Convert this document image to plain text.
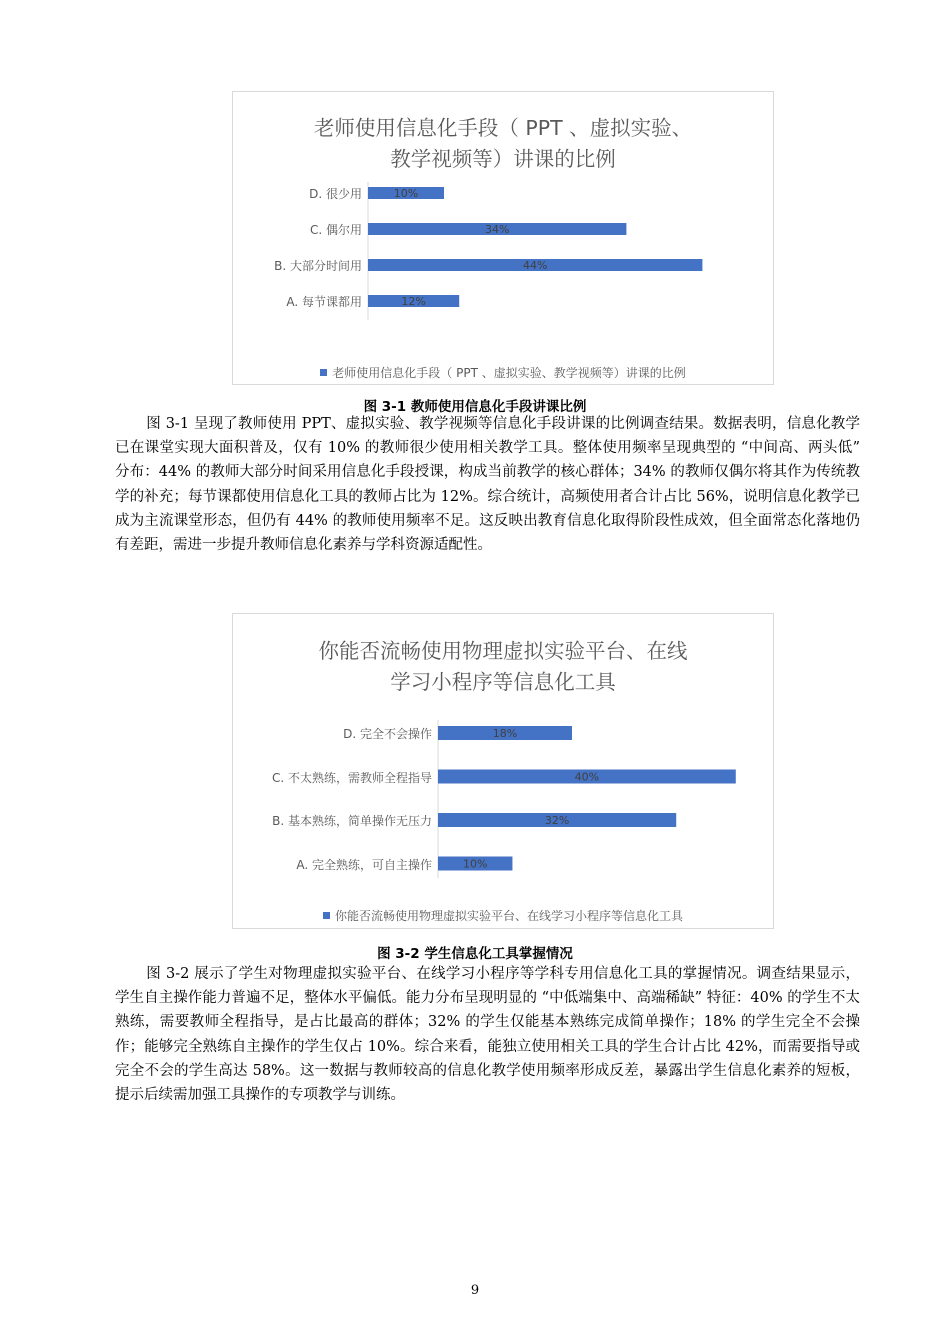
老师使用信息化手段（ PPT 、虚拟实验、
教学视频等）讲课的比例
10%
34%
44%
12%
老师使用信息化手段（ PPT 、虚拟实验、教学视频等）讲课的比例
D. 很少用
C. 偶尔用
B. 大部分时间用
A. 每节课都用
图 3-1 教师使用信息化手段讲课比例

图 3-1 呈现了教师使用 PPT、虚拟实验、教学视频等信息化手段讲课的比例调查结果。数据表明，信息化教学已在课堂实现大面积普及，仅有 10% 的教师很少使用相关教学工具。整体使用频率呈现典型的 “中间高、两头低” 分布：44% 的教师大部分时间采用信息化手段授课，构成当前教学的核心群体；34% 的教师仅偶尔将其作为传统教学的补充；每节课都使用信息化工具的教师占比为 12%。综合统计，高频使用者合计占比 56%，说明信息化教学已成为主流课堂形态，但仍有 44% 的教师使用频率不足。这反映出教育信息化取得阶段性成效，但全面常态化落地仍有差距，需进一步提升教师信息化素养与学科资源适配性。

你能否流畅使用物理虚拟实验平台、在线
学习小程序等信息化工具
18%
40%
32%
10%
你能否流畅使用物理虚拟实验平台、在线学习小程序等信息化工具
D. 完全不会操作
C. 不太熟练，需教师全程指导
B. 基本熟练，简单操作无压力
A. 完全熟练，可自主操作
图 3-2 学生信息化工具掌握情况

图 3-2 展示了学生对物理虚拟实验平台、在线学习小程序等学科专用信息化工具的掌握情况。调查结果显示，学生自主操作能力普遍不足，整体水平偏低。能力分布呈现明显的 “中低端集中、高端稀缺” 特征：40% 的学生不太熟练，需要教师全程指导，是占比最高的群体；32% 的学生仅能基本熟练完成简单操作；18% 的学生完全不会操作；能够完全熟练自主操作的学生仅占 10%。综合来看，能独立使用相关工具的学生合计占比 42%，而需要指导或完全不会的学生高达 58%。这一数据与教师较高的信息化教学使用频率形成反差，暴露出学生信息化素养的短板，提示后续需加强工具操作的专项教学与训练。

9
